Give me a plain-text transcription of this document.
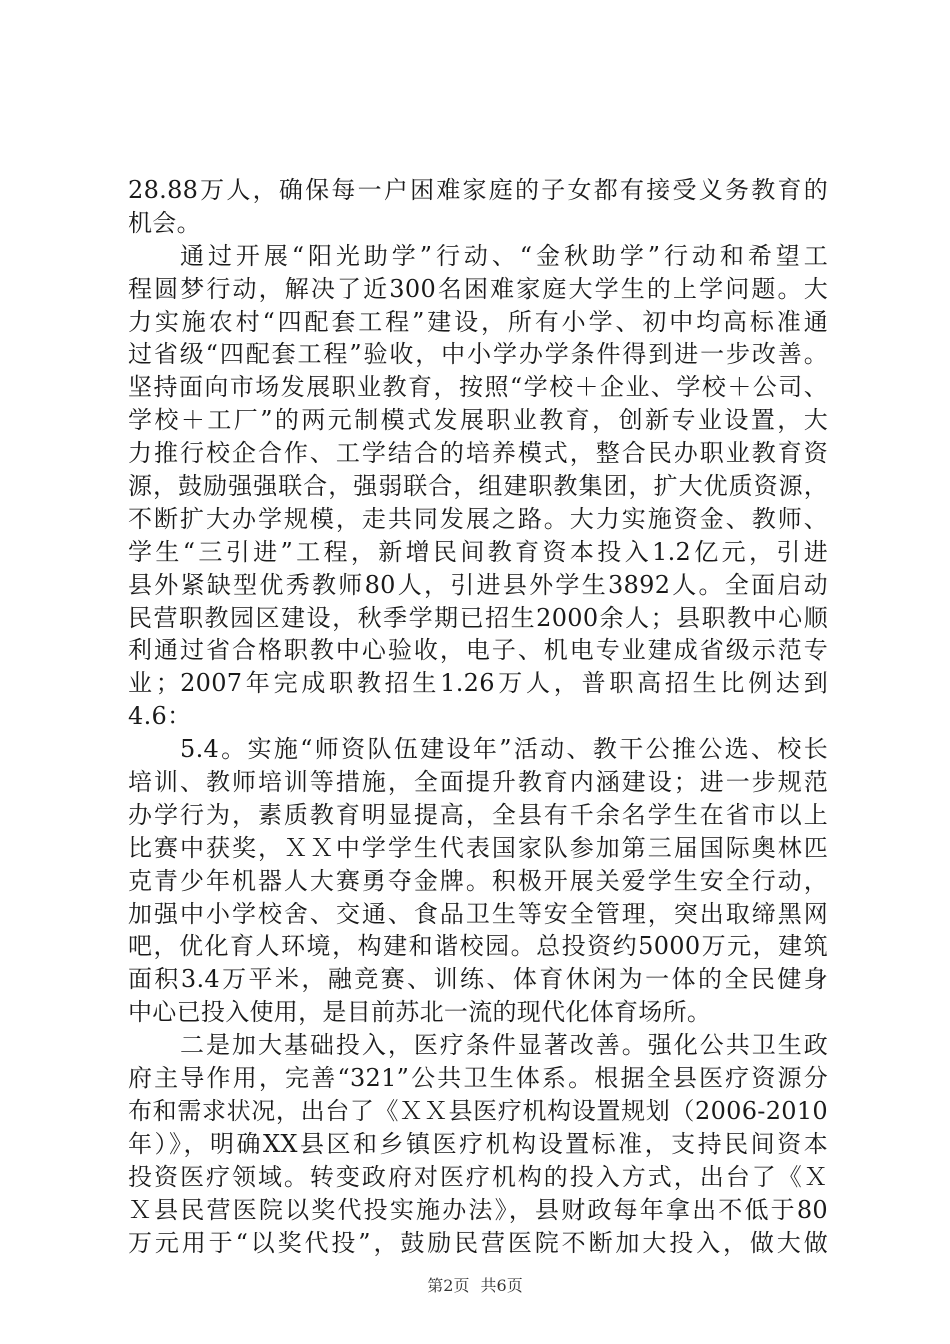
28.88万人，确保每一户困难家庭的子女都有接受义务教育的
机会。
通过开展“阳光助学”行动、“金秋助学”行动和希望工
程圆梦行动，解决了近300名困难家庭大学生的上学问题。大
力实施农村“四配套工程”建设，所有小学、初中均高标准通
过省级“四配套工程”验收，中小学办学条件得到进一步改善。
坚持面向市场发展职业教育，按照“学校＋企业、学校＋公司、
学校＋工厂”的两元制模式发展职业教育，创新专业设置，大
力推行校企合作、工学结合的培养模式，整合民办职业教育资
源，鼓励强强联合，强弱联合，组建职教集团，扩大优质资源，
不断扩大办学规模，走共同发展之路。大力实施资金、教师、
学生“三引进”工程，新增民间教育资本投入1.2亿元，引进
县外紧缺型优秀教师80人，引进县外学生3892人。全面启动
民营职教园区建设，秋季学期已招生2000余人；县职教中心顺
利通过省合格职教中心验收，电子、机电专业建成省级示范专
业；2007年完成职教招生1.26万人，普职高招生比例达到
4.6：
5.4。实施“师资队伍建设年”活动、教干公推公选、校长
培训、教师培训等措施，全面提升教育内涵建设；进一步规范
办学行为，素质教育明显提高，全县有千余名学生在省市以上
比赛中获奖，ＸＸ中学学生代表国家队参加第三届国际奥林匹
克青少年机器人大赛勇夺金牌。积极开展关爱学生安全行动，
加强中小学校舍、交通、食品卫生等安全管理，突出取缔黑网
吧，优化育人环境，构建和谐校园。总投资约5000万元，建筑
面积3.4万平米，融竞赛、训练、体育休闲为一体的全民健身
中心已投入使用，是目前苏北一流的现代化体育场所。
二是加大基础投入，医疗条件显著改善。强化公共卫生政
府主导作用，完善“321”公共卫生体系。根据全县医疗资源分
布和需求状况，出台了《ＸＸ县医疗机构设置规划（2006-2010
年）》，明确XX县区和乡镇医疗机构设置标准，支持民间资本
投资医疗领域。转变政府对医疗机构的投入方式，出台了《Ｘ
Ｘ县民营医院以奖代投实施办法》，县财政每年拿出不低于80
万元用于“以奖代投”，鼓励民营医院不断加大投入，做大做
第2页 共6页
